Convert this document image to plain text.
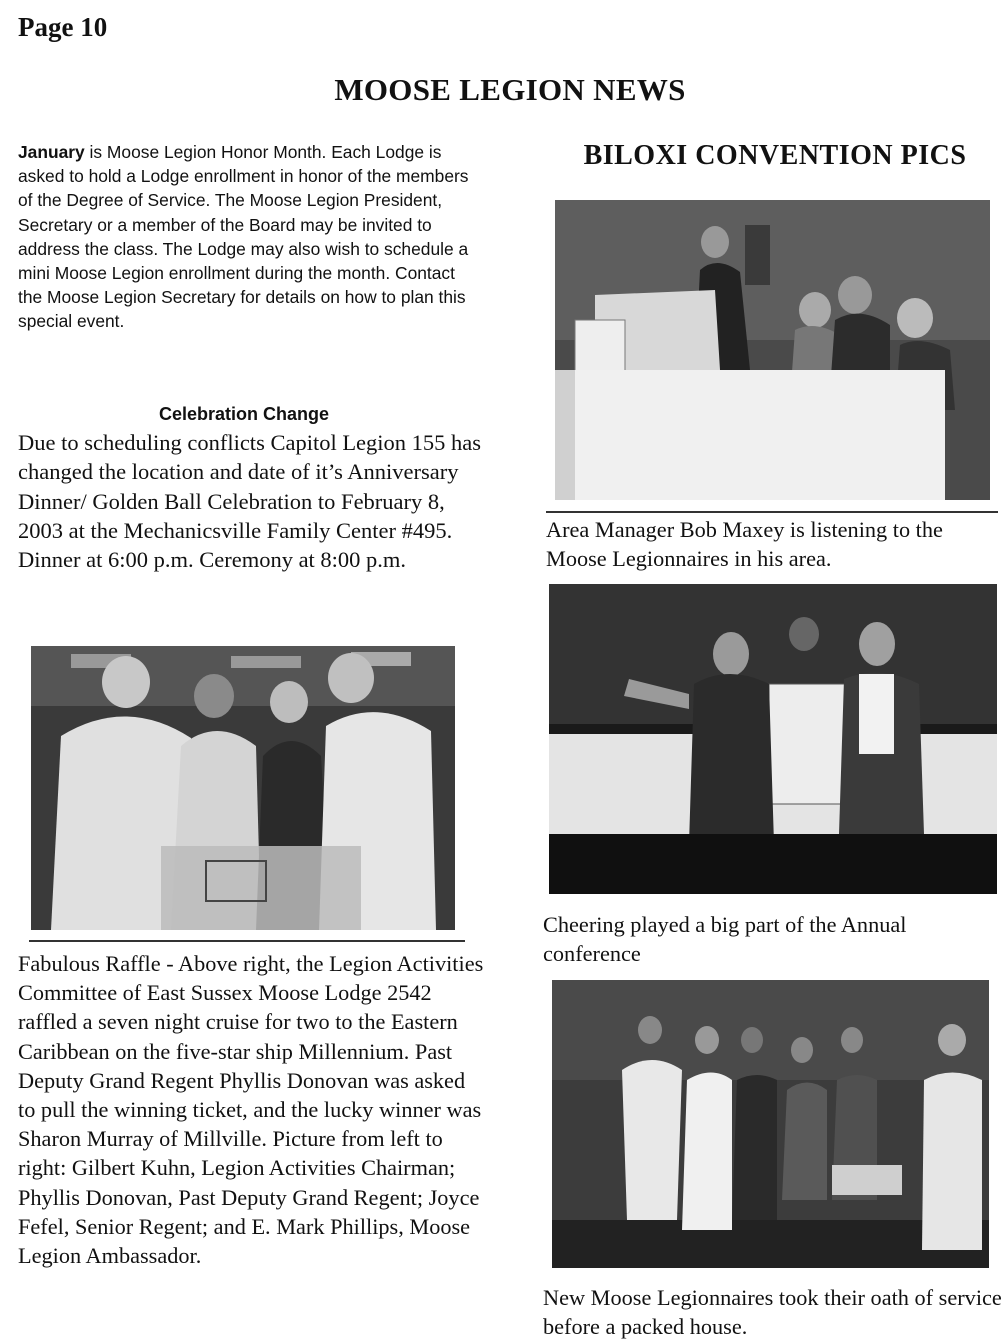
Page 10
MOOSE LEGION NEWS
January is Moose Legion Honor Month. Each Lodge is asked to hold a Lodge enrollment in honor of the members of the Degree of Service. The Moose Legion President, Secretary or a member of the Board may be invited to address the class. The Lodge may also wish to schedule a mini Moose Legion enrollment during the month. Contact the Moose Legion Secretary for details on how to plan this special event.
Celebration Change
Due to scheduling conflicts Capitol Legion 155 has changed the location and date of it’s Anniversary Dinner/ Golden Ball Celebration to February 8, 2003 at the Mechanicsville Family Center #495. Dinner at 6:00 p.m. Ceremony at 8:00 p.m.
Fabulous Raffle - Above right, the Legion Activities Committee of East Sussex Moose Lodge 2542 raffled a seven night cruise for two to the Eastern Caribbean on the five-star ship Millennium. Past Deputy Grand Regent Phyllis Donovan was asked to pull the winning ticket, and the lucky winner was Sharon Murray of Millville. Picture from left to right: Gilbert Kuhn, Legion Activities Chairman; Phyllis Donovan, Past Deputy Grand Regent; Joyce Fefel, Senior Regent; and E. Mark Phillips, Moose Legion Ambassador.
BILOXI CONVENTION PICS
Area Manager Bob Maxey is listening to the Moose Legionnaires in his area.
Cheering played a big part of the Annual conference
New Moose Legionnaires took their oath of service before a packed house.
